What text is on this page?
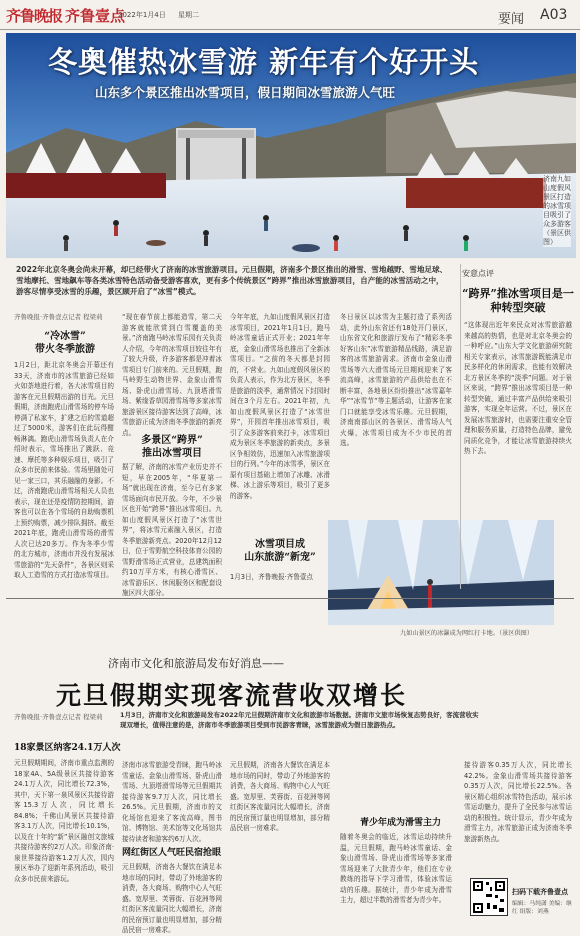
齐鲁晚报 齐鲁壹点
2022年1月4日 星期二	要闻 A03
冬奥催热冰雪游 新年有个好开头
山东多个景区推出冰雪项目，假日期间冰雪旅游人气旺
济南九如山度假风景区打造的冰雪项目吸引了众多游客（景区供图）
2022年北京冬奥会尚未开幕，却已经带火了济南的冰雪旅游项目。元旦假期，济南多个景区推出的滑雪、雪地越野、雪地足球、雪地摩托、雪地飙车等各类冰雪特色活动备受游客喜欢，更有多个传统景区“跨界”推出冰雪旅游项目，自产能的冰雪活动之中，游客尽情享受冰雪的乐趣，景区顾开启了“冰雪”模式。
齐鲁晚报·齐鲁壹点记者 程梁莉
“冷冰雪”
带火冬季旅游
1月2日，距北京冬奥会开幕还有33天，济南市的冰雪旅游已经如火如荼地进行着，各大冰雪项目的游客在元旦假期出游的目光。元旦假期，济南跑虎山滑雪场的停车场停满了私家车，扩建之后的雪道超过了5000米，游客们在此玩得酣畅淋漓。跑虎山滑雪场负责人在介绍时表示，雪场推出了跳跃、竞速、摩托等多种娱乐项目，吸引了众多市民前来体验。雪场里随处可见一家三口，其乐融融的身影。不过，济南跑虎山滑雪场相关人员也表示，现在还是疫情防控期间，游客也可以在各个雪场的自助购票机上预约购票，减少排队拥挤。截至2021年底，跑虎山滑雪场的滑雪人次已达20多万。作为冬季少雪的北方城市，济南市并没有发展冰雪旅游的“先天条件”，各景区则采取人工造雪的方式打造冰雪项目。
“现在春节前上都能造雪，第二天游客就能欣赏到白雪覆盖的美景。”济南跑马岭冰雪乐园有关负责人介绍，今年的冰雪项目较往年有了较大升级，许多游客都是冲着冰雪项目专门前来的。元旦假期，跑马岭野生动物世界、金象山滑雪场、卧虎山滑雪场、九顶塔滑雪场、紫缘香草园滑雪场等多家冰雪旅游景区接待游客达到了高峰，冰雪旅游正成为济南冬季旅游的新亮点。
多景区“跨界”
推出冰雪项目
据了解，济南的冰雪产业历史并不短，早在2005年，“华夏第一场”就出现在济南，至今已有多家雪场面向市民开放。今年，不少景区也开始“跨界”推出冰雪项目。九如山度假风景区打造了“冰雪世界”，将冰雪元素融入景区，打造冬季旅游新亮点。2020年12月12日，位于雪野航空科技体育公园的雪野滑雪场正式营业，总建筑面积约10万平方米，有核心滑雪区、冰雪游乐区、休闲服务区和配套设施区四大部分。
今年年底，九如山度假风景区打造冰雪项目，2021年1月1日，跑马岭冰雪童话正式开业；2021年年底，金象山滑雪场也推出了全新冰雪项目。“之前的冬天都是封园的，不营业。九如山度假风景区的负责人表示，作为北方景区，冬季是旅游的淡季，通常情况下封园时间在3个月左右。2021年初，九如山度假风景区打造了“冰雪世界”，开园首年推出冰雪项目，吸引了众多游客前来打卡，冰雪项目成为景区冬季旅游的新卖点，多景区争相效仿，迅速加入冰雪旅游项目的行列。”今年的冰雪季，景区在原有项目基础上增加了冰雕、冰滑梯、冰上游乐等项目，吸引了更多的游客。
冰雪项目成
山东旅游“新宠”
1月3日，齐鲁晚报·齐鲁壹点
冬日景区以冰雪为主题打造了系列活动，此外山东省还有18处开门景区，山东省文化和旅游厅发布了“精彩冬季 好客山东”冰雪旅游精品线路，满足游客的冰雪旅游需求。济南市金象山滑雪场等六大滑雪场元旦期间迎来了客流高峰，冰雪旅游的产品供给也在不断丰富，各地景区纷纷推出“冰雪嘉年华”“冰雪节”等主题活动，让游客在家门口就能享受冰雪乐趣。元旦假期，济南南部山区的各景区、滑雪场人气火爆，冰雪项目成为不少市民的首选。
九如山景区的冰瀑成为网红打卡地。（景区供图）
安意点评
“跨界”推冰雪项目是一种转型突破
“这体现出近年来民众对冰雪旅游越来越高的热情，也是对北京冬奥会的一种呼应。”山东大学文化旅游研究院相关专家表示，冰雪旅游既能满足市民多样化的休闲需求，也能有效解决北方景区冬季的“淡季”问题。对于景区来说，“跨界”推出冰雪项目是一种转型突破，通过丰富产品供给来吸引游客，实现全年运营。不过，景区在发展冰雪旅游时，也需要注重安全管理和服务质量，打造特色品牌，避免同质化竞争，才能让冰雪旅游持续火热下去。
济南市文化和旅游局发布好消息——
元旦假期实现客流营收双增长
1月3日，济南市文化和旅游局发布2022年元旦假期济南市文化和旅游市场数据。济南市文旅市场恢复态势良好，客流营收实现双增长，值得注意的是，济南市冬季旅游项目受到市民游客青睐，冰雪旅游成为假日旅游热点。
齐鲁晚报·齐鲁壹点记者 程梁莉
18家景区纳客24.1万人次
元旦假期期间，济南市重点监测的18家4A、5A级景区共接待游客24.1万人次，同比增长72.3%，其中，天下第一泉风景区共接待游客15.3万人次，同比增长84.8%；千佛山风景区共接待游客3.1万人次，同比增长10.1%，以及在十年的“新”景区融创文旅城共接待游客约2万人次。印象济南·泉世界接待游客1.2万人次，园内景区举办了迎新年系列活动，吸引众多市民前来游玩。
济南市冰雪旅游受青睐，跑马岭冰雪童话、金象山滑雪场、卧虎山滑雪场、九顶塔滑雪场等元旦假期共接待游客9.7万人次，同比增长26.5%。元旦假期，济南市的文化场馆也迎来了客流高峰，图书馆、博物馆、美术馆等文化场馆共接待读者和游客约6万人次。
网红街区人气旺民宿抢眼
元旦假期，济南各大餐饮在满足本地市场的同时，带动了外地游客的消费，各大商场、购物中心人气旺盛。宽厚里、芙蓉街、百花洲等网红街区客流量同比大幅增长，济南的民宿预订量也明显增加，部分精品民宿一房难求。
元旦假期，济南各大餐饮在满足本地市场的同时，带动了外地游客的消费，各大商场、购物中心人气旺盛。宽厚里、芙蓉街、百花洲等网红街区客流量同比大幅增长，济南的民宿预订量也明显增加，部分精品民宿一房难求。	青少年成为滑雪主力
随着冬奥会的临近，冰雪运动持续升温，元旦假期，跑马岭冰雪童话、金象山滑雪场、卧虎山滑雪场等多家滑雪场迎来了大批青少年，他们在专业教练的指导下学习滑雪，体验冰雪运动的乐趣。据统计，青少年成为滑雪主力，超过半数的滑雪者为青少年。
接待游客0.35万人次，同比增长42.2%。金象山滑雪场共接待游客0.35万人次，同比增长22.5%。各景区精心组织冰雪特色活动，展示冰雪运动魅力，提升了全民参与冰雪运动的积极性。统计显示，青少年成为滑雪主力，冰雪旅游正成为济南冬季旅游新热点。
扫码下载齐鲁壹点
编辑：马纯潇 美编：继红 组版：刘燕
